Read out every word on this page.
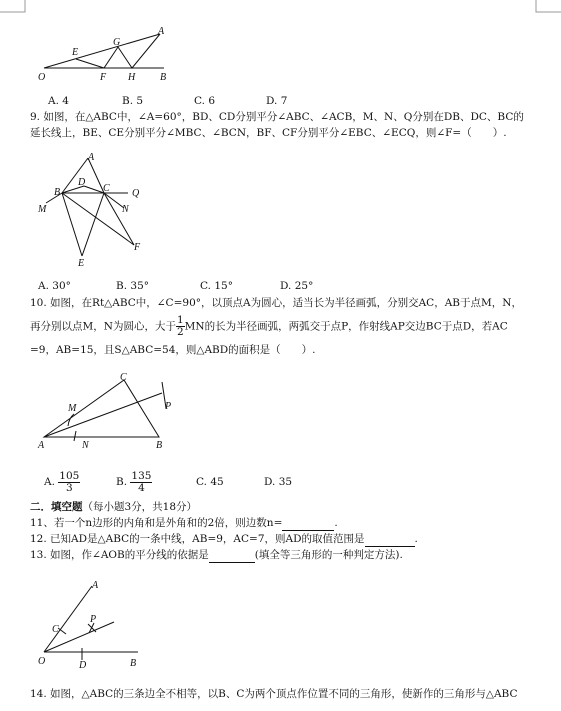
A
G
E
O	F H B
A. 4	B. 5	C. 6	D. 7
9. 如图，在△ABC中，∠A=60°，BD、CD分别平分∠ABC、∠ACB，M、N、Q分别在DB、DC、BC的
延长线上，BE、CE分别平分∠MBC、∠BCN，BF、CF分别平分∠EBC、∠ECQ，则∠F=（　　）.
A
B
D
C Q
M	N
F
E
A. 30°	B. 35°	C. 15°	D. 25°
10. 如图，在Rt△ABC中，∠C=90°，以顶点A为圆心，适当长为半径画弧，分别交AC，AB于点M，N，
再分别以点M，N为圆心，大于 $\frac{1}{2}$ MN的长为半径画弧，两弧交于点P，作射线AP交边BC于点D，若AC
=9，AB=15，且S△ABC=54，则△ABD的面积是（　　）.
C
M	P
A	N	B
A.
$\frac{105}{3}$	B.
$\frac{135}{4}$	C. 45	D. 35
二．填空题（每小题3分，共18分）
11、若一个n边形的内角和是外角和的2倍，则边数n=	.
12. 已知AD是△ABC的一条中线，AB=9，AC=7，则AD的取值范围是	.
13. 如图，作∠AOB的平分线的依据是	(填全等三角形的一种判定方法).
A
P
C
O	D	B
14. 如图，△ABC的三条边全不相等，以B、C为两个顶点作位置不同的三角形，使新作的三角形与△ABC
